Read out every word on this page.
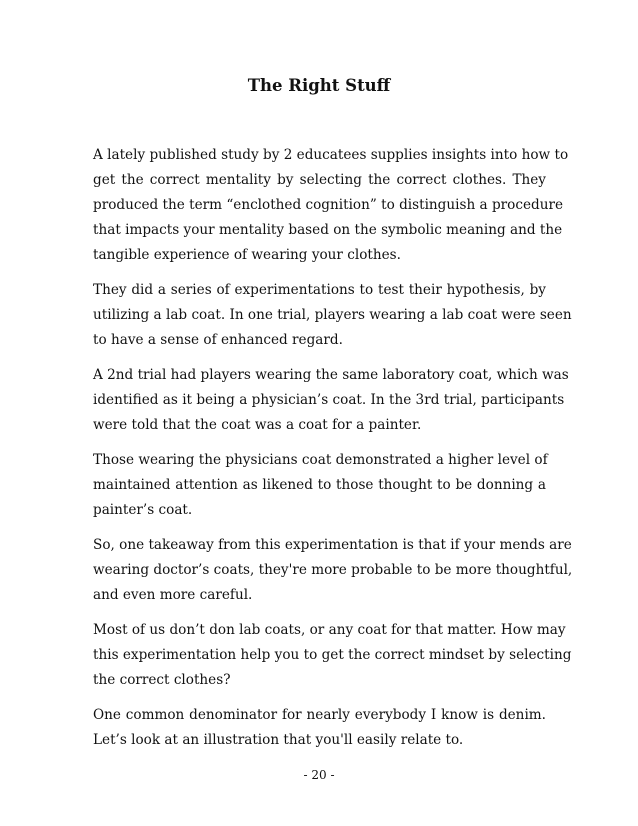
The Right Stuff
A lately published study by 2 educatees supplies insights into how to
get the correct mentality by selecting the correct clothes. They
produced the term “enclothed cognition” to distinguish a procedure
that impacts your mentality based on the symbolic meaning and the
tangible experience of wearing your clothes.
They did a series of experimentations to test their hypothesis, by
utilizing a lab coat. In one trial, players wearing a lab coat were seen
to have a sense of enhanced regard.
A 2nd trial had players wearing the same laboratory coat, which was
identified as it being a physician’s coat. In the 3rd trial, participants
were told that the coat was a coat for a painter.
Those wearing the physicians coat demonstrated a higher level of
maintained attention as likened to those thought to be donning a
painter’s coat.
So, one takeaway from this experimentation is that if your mends are
wearing doctor’s coats, they're more probable to be more thoughtful,
and even more careful.
Most of us don’t don lab coats, or any coat for that matter. How may
this experimentation help you to get the correct mindset by selecting
the correct clothes?
One common denominator for nearly everybody I know is denim.
Let’s look at an illustration that you'll easily relate to.
- 20 -
